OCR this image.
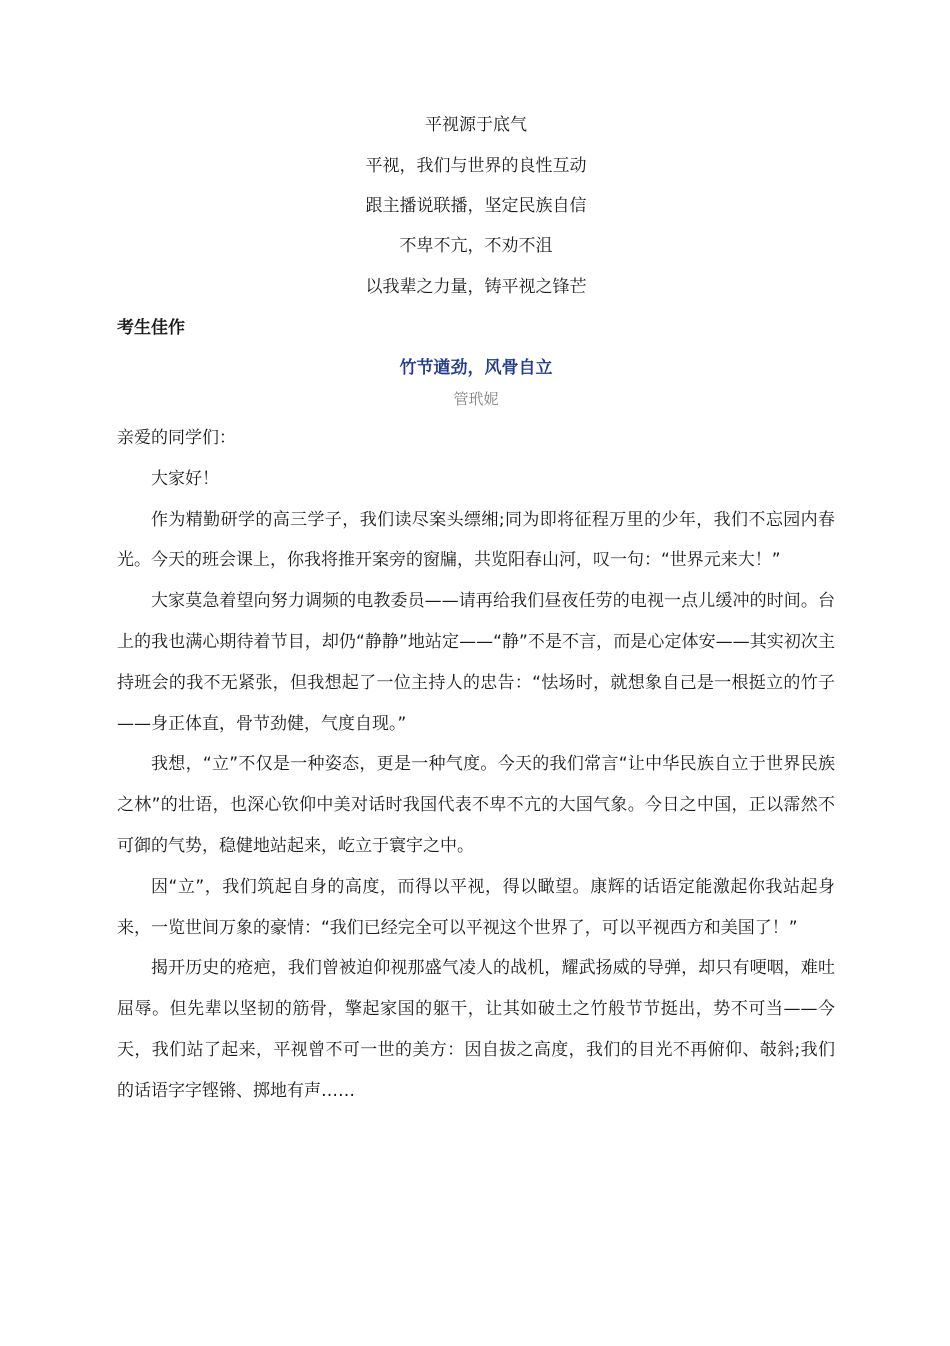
平视源于底气
平视，我们与世界的良性互动
跟主播说联播，坚定民族自信
不卑不亢，不劝不沮
以我辈之力量，铸平视之锋芒
考生佳作
竹节遒劲，风骨自立
管玳妮

亲爱的同学们：

大家好！

作为精勤研学的高三学子，我们读尽案头缥缃;同为即将征程万里的少年，我们不忘园内春光。今天的班会课上，你我将推开案旁的窗牖，共览阳春山河，叹一句：“世界元来大！”

大家莫急着望向努力调频的电教委员——请再给我们昼夜任劳的电视一点儿缓冲的时间。台上的我也满心期待着节目，却仍“静静”地站定——“静”不是不言，而是心定体安——其实初次主持班会的我不无紧张，但我想起了一位主持人的忠告：“怯场时，就想象自己是一根挺立的竹子——身正体直，骨节劲健，气度自现。”

我想，“立”不仅是一种姿态，更是一种气度。今天的我们常言“让中华民族自立于世界民族之林”的壮语，也深心钦仰中美对话时我国代表不卑不亢的大国气象。今日之中国，正以霈然不可御的气势，稳健地站起来，屹立于寰宇之中。

因“立”，我们筑起自身的高度，而得以平视，得以瞰望。康辉的话语定能激起你我站起身来，一览世间万象的豪情：“我们已经完全可以平视这个世界了，可以平视西方和美国了！”

揭开历史的疮疤，我们曾被迫仰视那盛气凌人的战机，耀武扬威的导弹，却只有哽咽，难吐屈辱。但先辈以坚韧的筋骨，擎起家国的躯干，让其如破土之竹般节节挺出，势不可当——今天，我们站了起来，平视曾不可一世的美方：因自拔之高度，我们的目光不再俯仰、攲斜;我们的话语字字铿锵、掷地有声……
